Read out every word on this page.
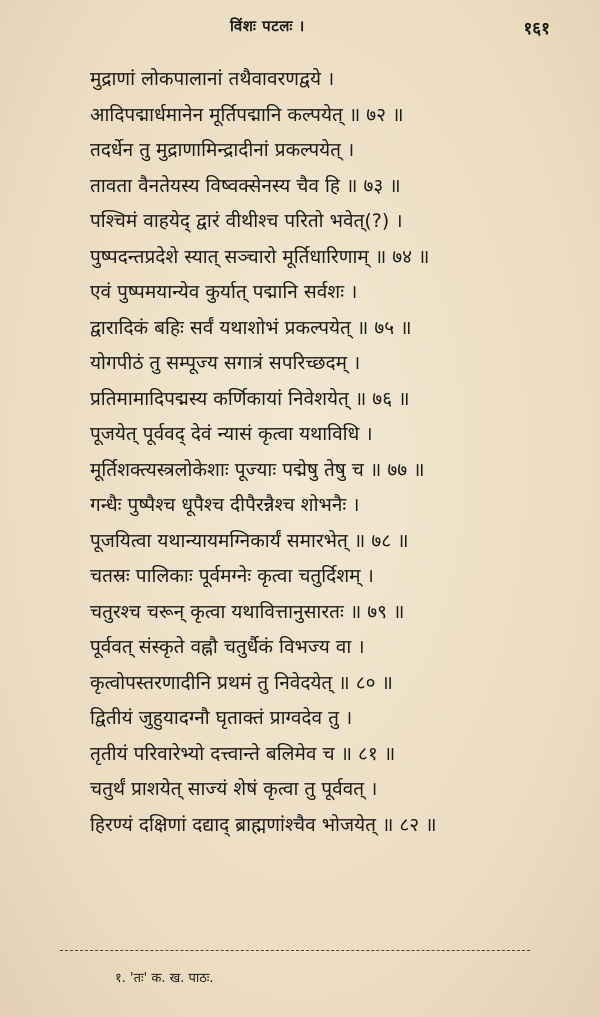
विंशः पटलः ।	१६१
मुद्राणां लोकपालानां तथैवावरणद्वये ।
आदिपद्मार्धमानेन मूर्तिपद्मानि कल्पयेत् ॥ ७२ ॥
तदर्धेन तु मुद्राणामिन्द्रादीनां प्रकल्पयेत् ।
तावता वैनतेयस्य विष्वक्सेनस्य चैव हि ॥ ७३ ॥
पश्चिमं वाहयेद् द्वारं वीथीश्च परितो भवेत्(?) ।
पुष्पदन्तप्रदेशे स्यात् सञ्चारो मूर्तिधारिणाम् ॥ ७४ ॥
एवं पुष्पमयान्येव कुर्यात् पद्मानि सर्वशः ।
द्वारादिकं बहिः सर्वं यथाशोभं प्रकल्पयेत् ॥ ७५ ॥
योगपीठं तु सम्पूज्य सगात्रं सपरिच्छदम् ।
प्रतिमामादिपद्मस्य कर्णिकायां निवेशयेत् ॥ ७६ ॥
पूजयेत् पूर्ववद् देवं न्यासं कृत्वा यथाविधि ।
मूर्तिशक्त्यस्त्रलोकेशाः पूज्याः पद्मेषु तेषु च ॥ ७७ ॥
गन्धैः पुष्पैश्च धूपैश्च दीपैरन्नैश्च शोभनैः ।
पूजयित्वा यथान्यायमग्निकार्यं समारभेत् ॥ ७८ ॥
चतस्रः पालिकाः पूर्वमग्नेः कृत्वा चतुर्दिशम् ।
चतुरश्च चरून् कृत्वा यथावित्तानुसारतः ॥ ७९ ॥
पूर्ववत् संस्कृते वह्नौ चतुर्धैकं विभज्य वा ।
कृत्वोपस्तरणादीनि प्रथमं तु निवेदयेत् ॥ ८० ॥
द्वितीयं जुहुयादग्नौ घृताक्तं प्राग्वदेव तु ।
तृतीयं परिवारेभ्यो दत्त्वान्ते बलिमेव च ॥ ८१ ॥
चतुर्थं प्राशयेत् साज्यं शेषं कृत्वा तु पूर्ववत् ।
हिरण्यं दक्षिणां दद्याद् ब्राह्मणांश्चैव भोजयेत् ॥ ८२ ॥
१. 'तः' क. ख. पाठः.
